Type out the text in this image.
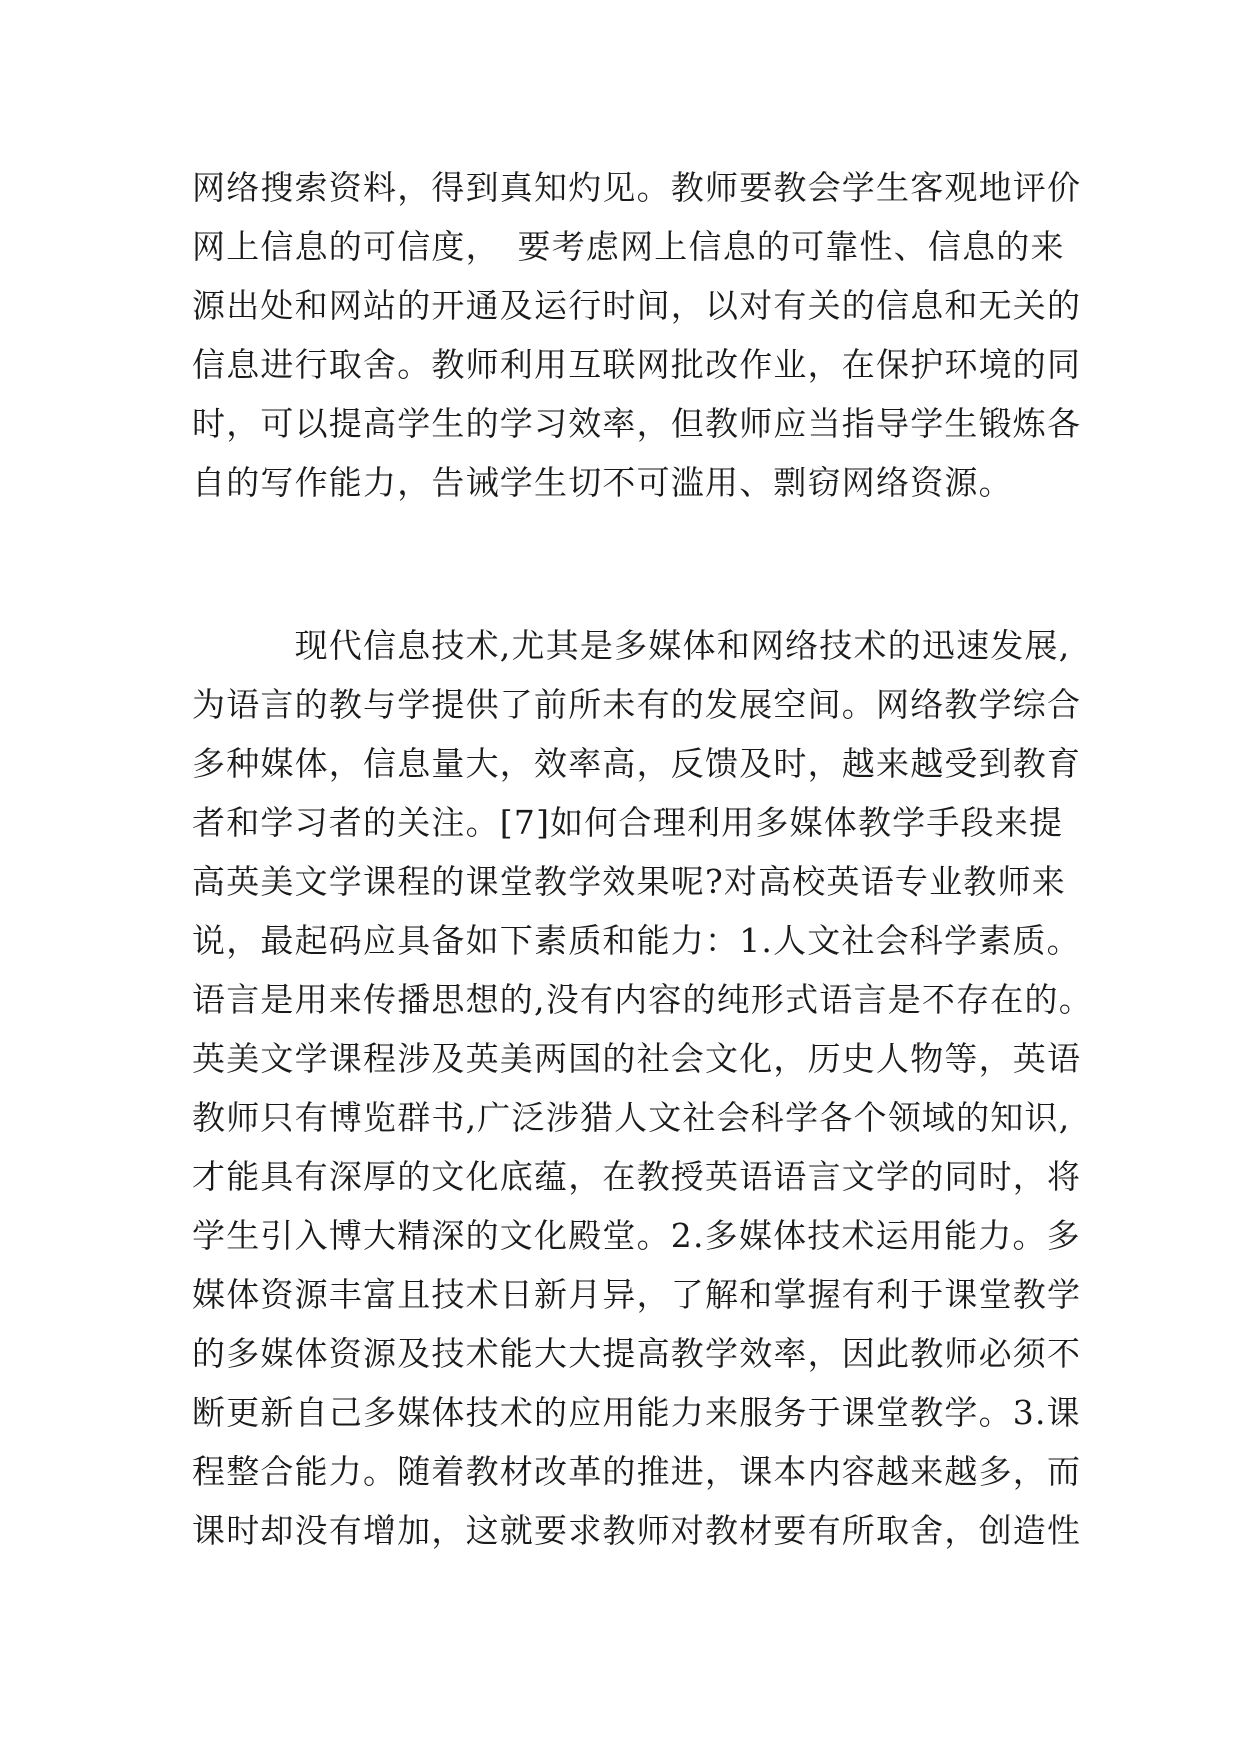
网络搜索资料，得到真知灼见。教师要教会学生客观地评价
网上信息的可信度，　要考虑网上信息的可靠性、信息的来
源出处和网站的开通及运行时间，以对有关的信息和无关的
信息进行取舍。教师利用互联网批改作业，在保护环境的同
时，可以提高学生的学习效率，但教师应当指导学生锻炼各
自的写作能力，告诫学生切不可滥用、剽窃网络资源。
　　　现代信息技术,尤其是多媒体和网络技术的迅速发展,
为语言的教与学提供了前所未有的发展空间。网络教学综合
多种媒体，信息量大，效率高，反馈及时，越来越受到教育
者和学习者的关注。[7]如何合理利用多媒体教学手段来提
高英美文学课程的课堂教学效果呢?对高校英语专业教师来
说，最起码应具备如下素质和能力：1.人文社会科学素质。
语言是用来传播思想的,没有内容的纯形式语言是不存在的。
英美文学课程涉及英美两国的社会文化，历史人物等，英语
教师只有博览群书,广泛涉猎人文社会科学各个领域的知识,
才能具有深厚的文化底蕴，在教授英语语言文学的同时，将
学生引入博大精深的文化殿堂。2.多媒体技术运用能力。多
媒体资源丰富且技术日新月异，了解和掌握有利于课堂教学
的多媒体资源及技术能大大提高教学效率，因此教师必须不
断更新自己多媒体技术的应用能力来服务于课堂教学。3.课
程整合能力。随着教材改革的推进，课本内容越来越多，而
课时却没有增加，这就要求教师对教材要有所取舍，创造性
